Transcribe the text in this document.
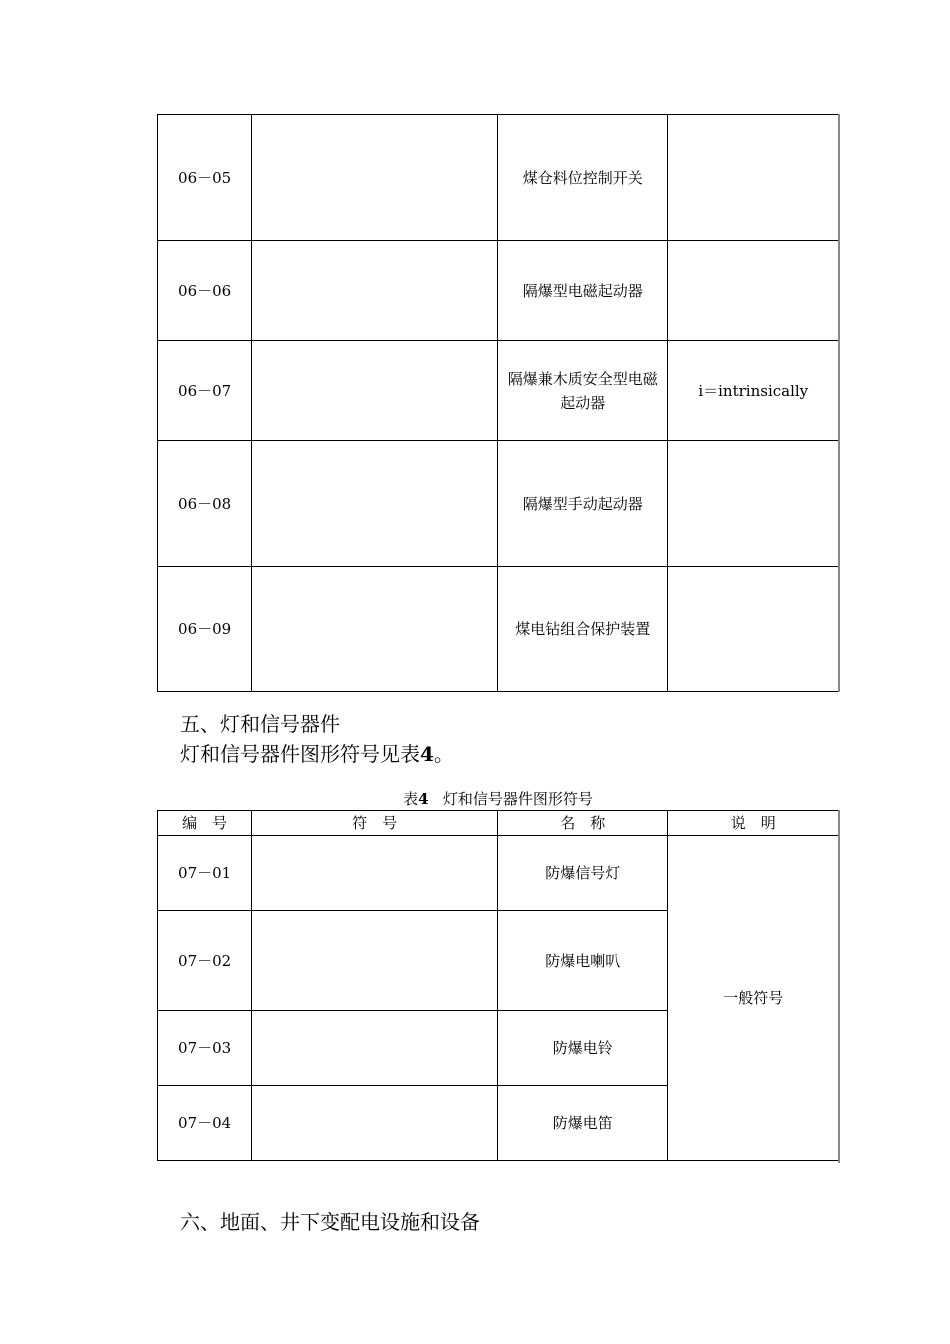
06－05		煤仓料位控制开关	
06－06		隔爆型电磁起动器	
06－07		隔爆兼木质安全型电磁起动器	i＝intrinsically
06－08		隔爆型手动起动器	
06－09		煤电钻组合保护装置	
五、灯和信号器件
灯和信号器件图形符号见表4。
表4 灯和信号器件图形符号
编　号	符　号	名　称	说　明
07－01		防爆信号灯	一般符号
07－02		防爆电喇叭	
07－03		防爆电铃	
07－04		防爆电笛	
六、地面、井下变配电设施和设备
